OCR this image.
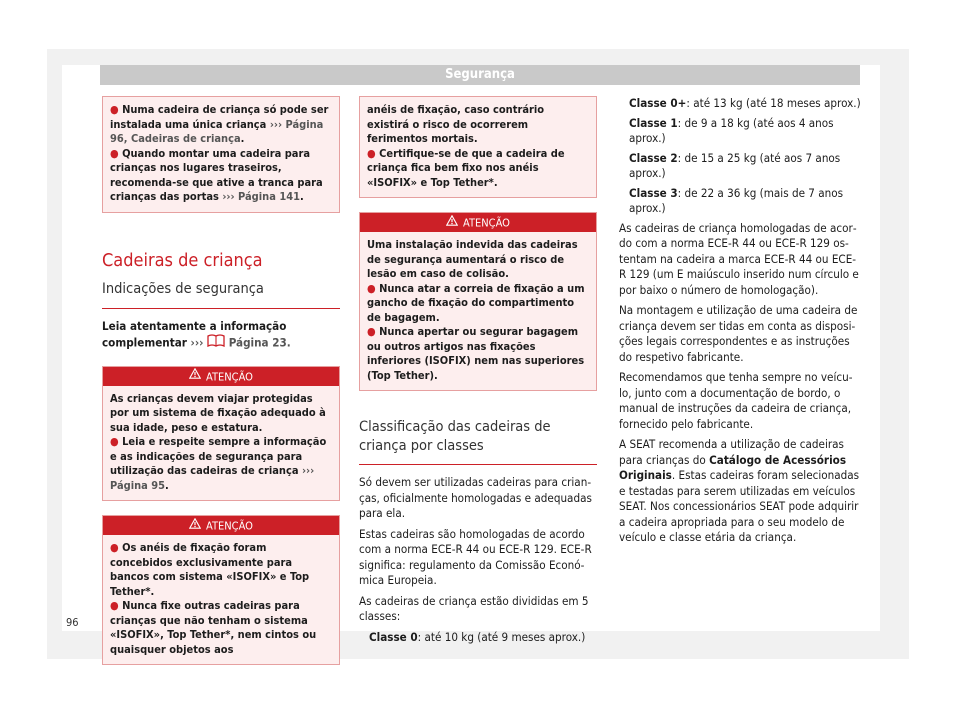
Segurança

● Numa cadeira de criança só pode ser instalada uma única criança ››› Página 96, Cadeiras de criança.

● Quando montar uma cadeira para crianças nos lugares traseiros, recomenda-se que ative a tranca para crianças das portas ››› Página 141.

Cadeiras de criança
Indicações de segurança

Leia atentamente a informação complementar ››› Página 23.

ATENÇÃO

As crianças devem viajar protegidas por um sistema de fixação adequado à sua idade, peso e estatura.

● Leia e respeite sempre a informação e as indicações de segurança para utilização das cadeiras de criança ››› Página 95.

ATENÇÃO

● Os anéis de fixação foram concebidos exclusivamente para bancos com sistema «ISOFIX» e Top Tether*.

● Nunca fixe outras cadeiras para crianças que não tenham o sistema «ISOFIX», Top Tether*, nem cintos ou quaisquer objetos aos

anéis de fixação, caso contrário existirá o risco de ocorrerem ferimentos mortais.

● Certifique-se de que a cadeira de criança fica bem fixo nos anéis «ISOFIX» e Top Tether*.

ATENÇÃO

Uma instalação indevida das cadeiras de segurança aumentará o risco de lesão em caso de colisão.

● Nunca atar a correia de fixação a um gancho de fixação do compartimento de bagagem.

● Nunca apertar ou segurar bagagem ou outros artigos nas fixações inferiores (ISOFIX) nem nas superiores (Top Tether).

Classificação das cadeiras de criança por classes

Só devem ser utilizadas cadeiras para crianças, oficialmente homologadas e adequadas para ela.

Estas cadeiras são homologadas de acordo com a norma ECE-R 44 ou ECE-R 129. ECE-R significa: regulamento da Comissão Económica Europeia.

As cadeiras de criança estão divididas em 5 classes:

Classe 0: até 10 kg (até 9 meses aprox.)

Classe 0+: até 13 kg (até 18 meses aprox.)

Classe 1: de 9 a 18 kg (até aos 4 anos aprox.)

Classe 2: de 15 a 25 kg (até aos 7 anos aprox.)

Classe 3: de 22 a 36 kg (mais de 7 anos aprox.)

As cadeiras de criança homologadas de acordo com a norma ECE-R 44 ou ECE-R 129 ostentam na cadeira a marca ECE-R 44 ou ECE-R 129 (um E maiúsculo inserido num círculo e por baixo o número de homologação).

Na montagem e utilização de uma cadeira de criança devem ser tidas em conta as disposições legais correspondentes e as instruções do respetivo fabricante.

Recomendamos que tenha sempre no veículo, junto com a documentação de bordo, o manual de instruções da cadeira de criança, fornecido pelo fabricante.

A SEAT recomenda a utilização de cadeiras para crianças do Catálogo de Acessórios Originais. Estas cadeiras foram selecionadas e testadas para serem utilizadas em veículos SEAT. Nos concessionários SEAT pode adquirir a cadeira apropriada para o seu modelo de veículo e classe etária da criança.

96
